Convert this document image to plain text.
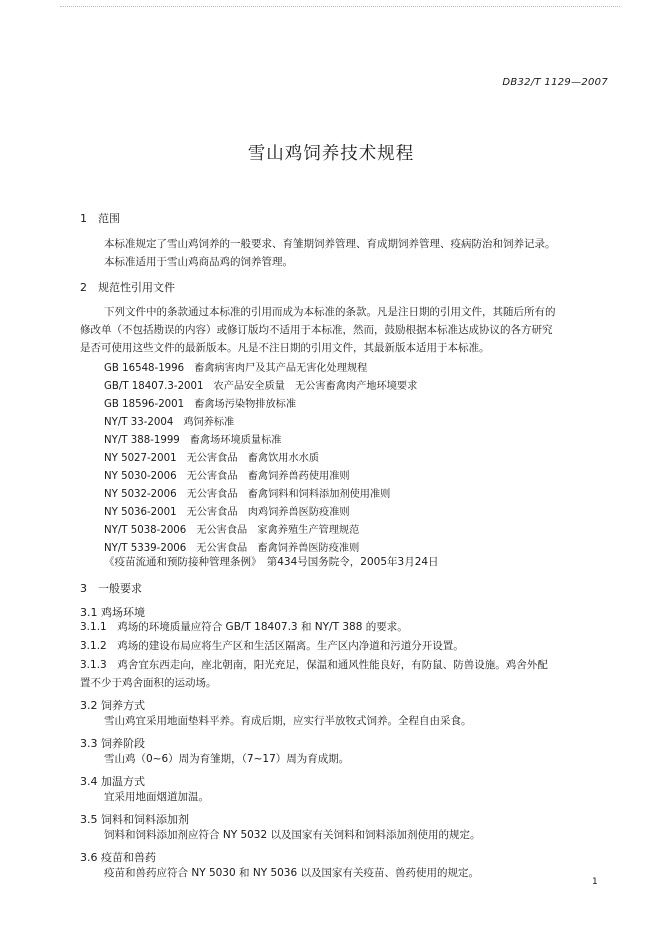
DB32/T 1129—2007
雪山鸡饲养技术规程
1 范围
本标准规定了雪山鸡饲养的一般要求、育雏期饲养管理、育成期饲养管理、疫病防治和饲养记录。
本标准适用于雪山鸡商品鸡的饲养管理。
2 规范性引用文件
下列文件中的条款通过本标准的引用而成为本标准的条款。凡是注日期的引用文件，其随后所有的
修改单（不包括勘误的内容）或修订版均不适用于本标准，然而，鼓励根据本标准达成协议的各方研究
是否可使用这些文件的最新版本。凡是不注日期的引用文件，其最新版本适用于本标准。
GB 16548-1996 畜禽病害肉尸及其产品无害化处理规程
GB/T 18407.3-2001 农产品安全质量　无公害畜禽肉产地环境要求
GB 18596-2001 畜禽场污染物排放标准
NY/T 33-2004 鸡饲养标准
NY/T 388-1999 畜禽场环境质量标准
NY 5027-2001 无公害食品　畜禽饮用水水质
NY 5030-2006 无公害食品　畜禽饲养兽药使用准则
NY 5032-2006 无公害食品　畜禽饲料和饲料添加剂使用准则
NY 5036-2001 无公害食品　肉鸡饲养兽医防疫准则
NY/T 5038-2006 无公害食品　家禽养殖生产管理规范
NY/T 5339-2006 无公害食品　畜禽饲养兽医防疫准则
《疫苗流通和预防接种管理条例》　第434号国务院令，2005年3月24日
3 一般要求
3.1 鸡场环境
3.1.1　鸡场的环境质量应符合 GB/T 18407.3 和 NY/T 388 的要求。
3.1.2　鸡场的建设布局应将生产区和生活区隔离。生产区内净道和污道分开设置。
3.1.3　鸡舍宜东西走向，座北朝南，阳光充足，保温和通风性能良好，有防鼠、防兽设施。鸡舍外配
置不少于鸡舍面积的运动场。
3.2 饲养方式
雪山鸡宜采用地面垫料平养。育成后期，应实行半放牧式饲养。全程自由采食。
3.3 饲养阶段
雪山鸡（0~6）周为育雏期，（7~17）周为育成期。
3.4 加温方式
宜采用地面烟道加温。
3.5 饲料和饲料添加剂
饲料和饲料添加剂应符合 NY 5032 以及国家有关饲料和饲料添加剂使用的规定。
3.6 疫苗和兽药
疫苗和兽药应符合 NY 5030 和 NY 5036 以及国家有关疫苗、兽药使用的规定。
1
